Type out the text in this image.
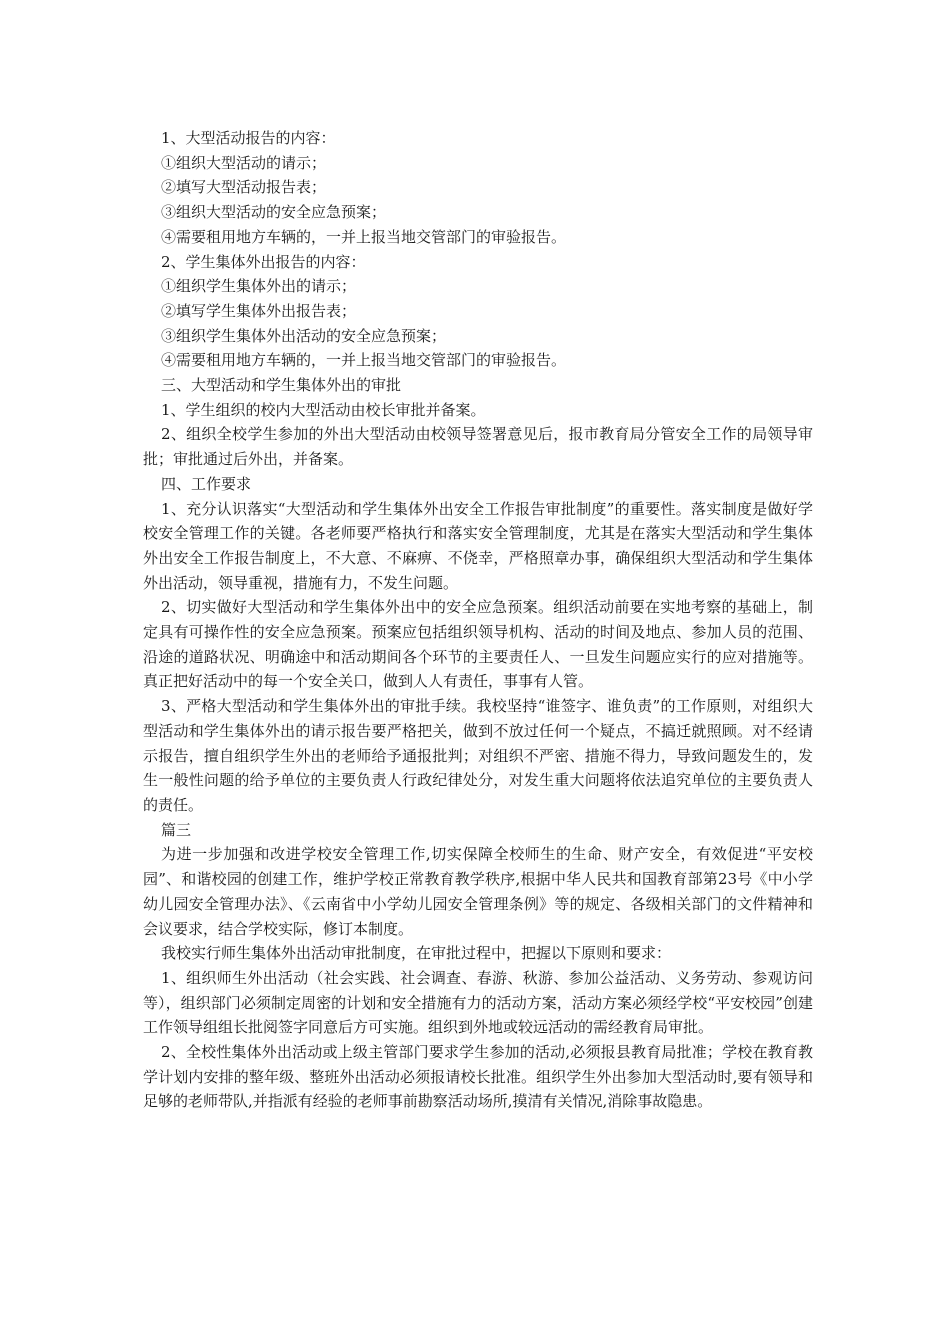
1、大型活动报告的内容：

①组织大型活动的请示；

②填写大型活动报告表；

③组织大型活动的安全应急预案；

④需要租用地方车辆的，一并上报当地交管部门的审验报告。

2、学生集体外出报告的内容：

①组织学生集体外出的请示；

②填写学生集体外出报告表；

③组织学生集体外出活动的安全应急预案；

④需要租用地方车辆的，一并上报当地交管部门的审验报告。

三、大型活动和学生集体外出的审批

1、学生组织的校内大型活动由校长审批并备案。

2、组织全校学生参加的外出大型活动由校领导签署意见后，报市教育局分管安全工作的局领导审批；审批通过后外出，并备案。

四、工作要求

1、充分认识落实“大型活动和学生集体外出安全工作报告审批制度”的重要性。落实制度是做好学校安全管理工作的关键。各老师要严格执行和落实安全管理制度，尤其是在落实大型活动和学生集体外出安全工作报告制度上，不大意、不麻痹、不侥幸，严格照章办事，确保组织大型活动和学生集体外出活动，领导重视，措施有力，不发生问题。

2、切实做好大型活动和学生集体外出中的安全应急预案。组织活动前要在实地考察的基础上，制定具有可操作性的安全应急预案。预案应包括组织领导机构、活动的时间及地点、参加人员的范围、沿途的道路状况、明确途中和活动期间各个环节的主要责任人、一旦发生问题应实行的应对措施等。真正把好活动中的每一个安全关口，做到人人有责任，事事有人管。

3、严格大型活动和学生集体外出的审批手续。我校坚持“谁签字、谁负责”的工作原则，对组织大型活动和学生集体外出的请示报告要严格把关，做到不放过任何一个疑点，不搞迁就照顾。对不经请示报告，擅自组织学生外出的老师给予通报批判；对组织不严密、措施不得力，导致问题发生的，发生一般性问题的给予单位的主要负责人行政纪律处分，对发生重大问题将依法追究单位的主要负责人的责任。

篇三

为进一步加强和改进学校安全管理工作,切实保障全校师生的生命、财产安全，有效促进“平安校园”、和谐校园的创建工作，维护学校正常教育教学秩序,根据中华人民共和国教育部第23号《中小学幼儿园安全管理办法》、《云南省中小学幼儿园安全管理条例》等的规定、各级相关部门的文件精神和会议要求，结合学校实际，修订本制度。

我校实行师生集体外出活动审批制度，在审批过程中，把握以下原则和要求：

1、组织师生外出活动（社会实践、社会调查、春游、秋游、参加公益活动、义务劳动、参观访问等），组织部门必须制定周密的计划和安全措施有力的活动方案，活动方案必须经学校“平安校园”创建工作领导组组长批阅签字同意后方可实施。组织到外地或较远活动的需经教育局审批。

2、全校性集体外出活动或上级主管部门要求学生参加的活动,必须报县教育局批准；学校在教育教学计划内安排的整年级、整班外出活动必须报请校长批准。组织学生外出参加大型活动时,要有领导和足够的老师带队,并指派有经验的老师事前勘察活动场所,摸清有关情况,消除事故隐患。
